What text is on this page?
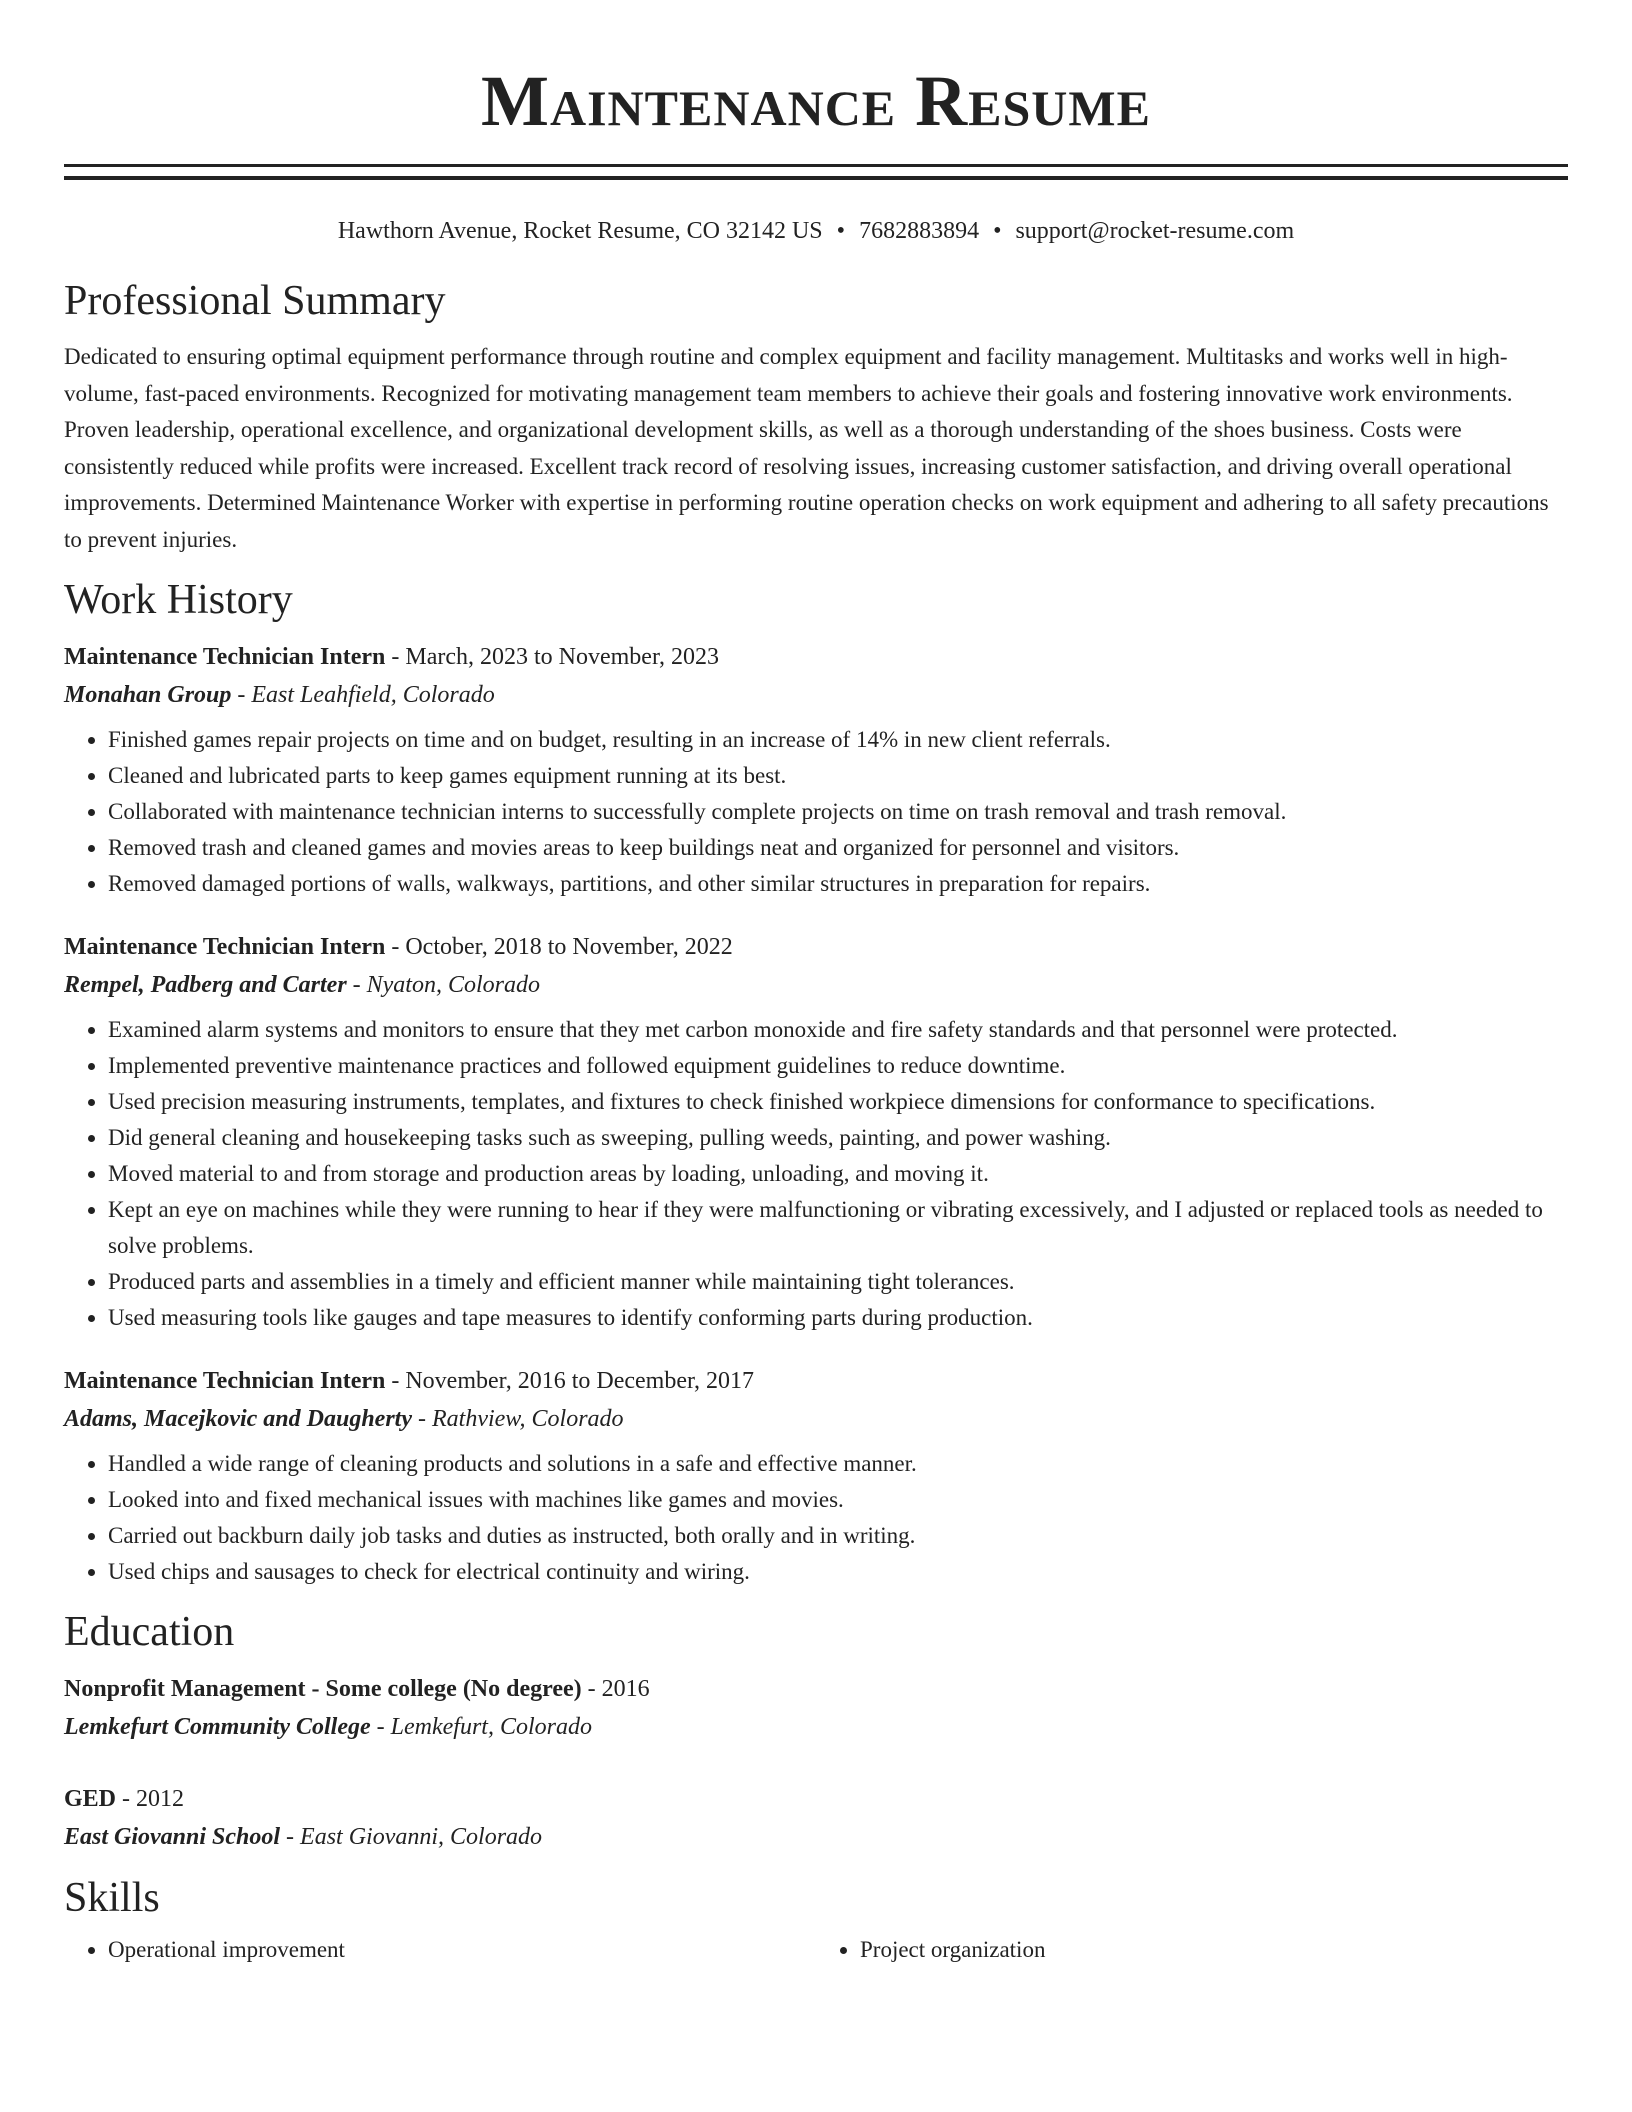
Maintenance Resume
Hawthorn Avenue, Rocket Resume, CO 32142 US • 7682883894 • support@rocket-resume.com
Professional Summary

Dedicated to ensuring optimal equipment performance through routine and complex equipment and facility management. Multitasks and works well in high-volume, fast-paced environments. Recognized for motivating management team members to achieve their goals and fostering innovative work environments. Proven leadership, operational excellence, and organizational development skills, as well as a thorough understanding of the shoes business. Costs were consistently reduced while profits were increased. Excellent track record of resolving issues, increasing customer satisfaction, and driving overall operational improvements. Determined Maintenance Worker with expertise in performing routine operation checks on work equipment and adhering to all safety precautions to prevent injuries.

Work History
Maintenance Technician Intern - March, 2023 to November, 2023
Monahan Group - East Leahfield, Colorado
• Finished games repair projects on time and on budget, resulting in an increase of 14% in new client referrals.
• Cleaned and lubricated parts to keep games equipment running at its best.
• Collaborated with maintenance technician interns to successfully complete projects on time on trash removal and trash removal.
• Removed trash and cleaned games and movies areas to keep buildings neat and organized for personnel and visitors.
• Removed damaged portions of walls, walkways, partitions, and other similar structures in preparation for repairs.
Maintenance Technician Intern - October, 2018 to November, 2022
Rempel, Padberg and Carter - Nyaton, Colorado
• Examined alarm systems and monitors to ensure that they met carbon monoxide and fire safety standards and that personnel were protected.
• Implemented preventive maintenance practices and followed equipment guidelines to reduce downtime.
• Used precision measuring instruments, templates, and fixtures to check finished workpiece dimensions for conformance to specifications.
• Did general cleaning and housekeeping tasks such as sweeping, pulling weeds, painting, and power washing.
• Moved material to and from storage and production areas by loading, unloading, and moving it.
• Kept an eye on machines while they were running to hear if they were malfunctioning or vibrating excessively, and I adjusted or replaced tools as needed to solve problems.
• Produced parts and assemblies in a timely and efficient manner while maintaining tight tolerances.
• Used measuring tools like gauges and tape measures to identify conforming parts during production.
Maintenance Technician Intern - November, 2016 to December, 2017
Adams, Macejkovic and Daugherty - Rathview, Colorado
• Handled a wide range of cleaning products and solutions in a safe and effective manner.
• Looked into and fixed mechanical issues with machines like games and movies.
• Carried out backburn daily job tasks and duties as instructed, both orally and in writing.
• Used chips and sausages to check for electrical continuity and wiring.
Education
Nonprofit Management - Some college (No degree) - 2016
Lemkefurt Community College - Lemkefurt, Colorado
GED - 2012
East Giovanni School - East Giovanni, Colorado
Skills
• Operational improvement
•	Project organization
